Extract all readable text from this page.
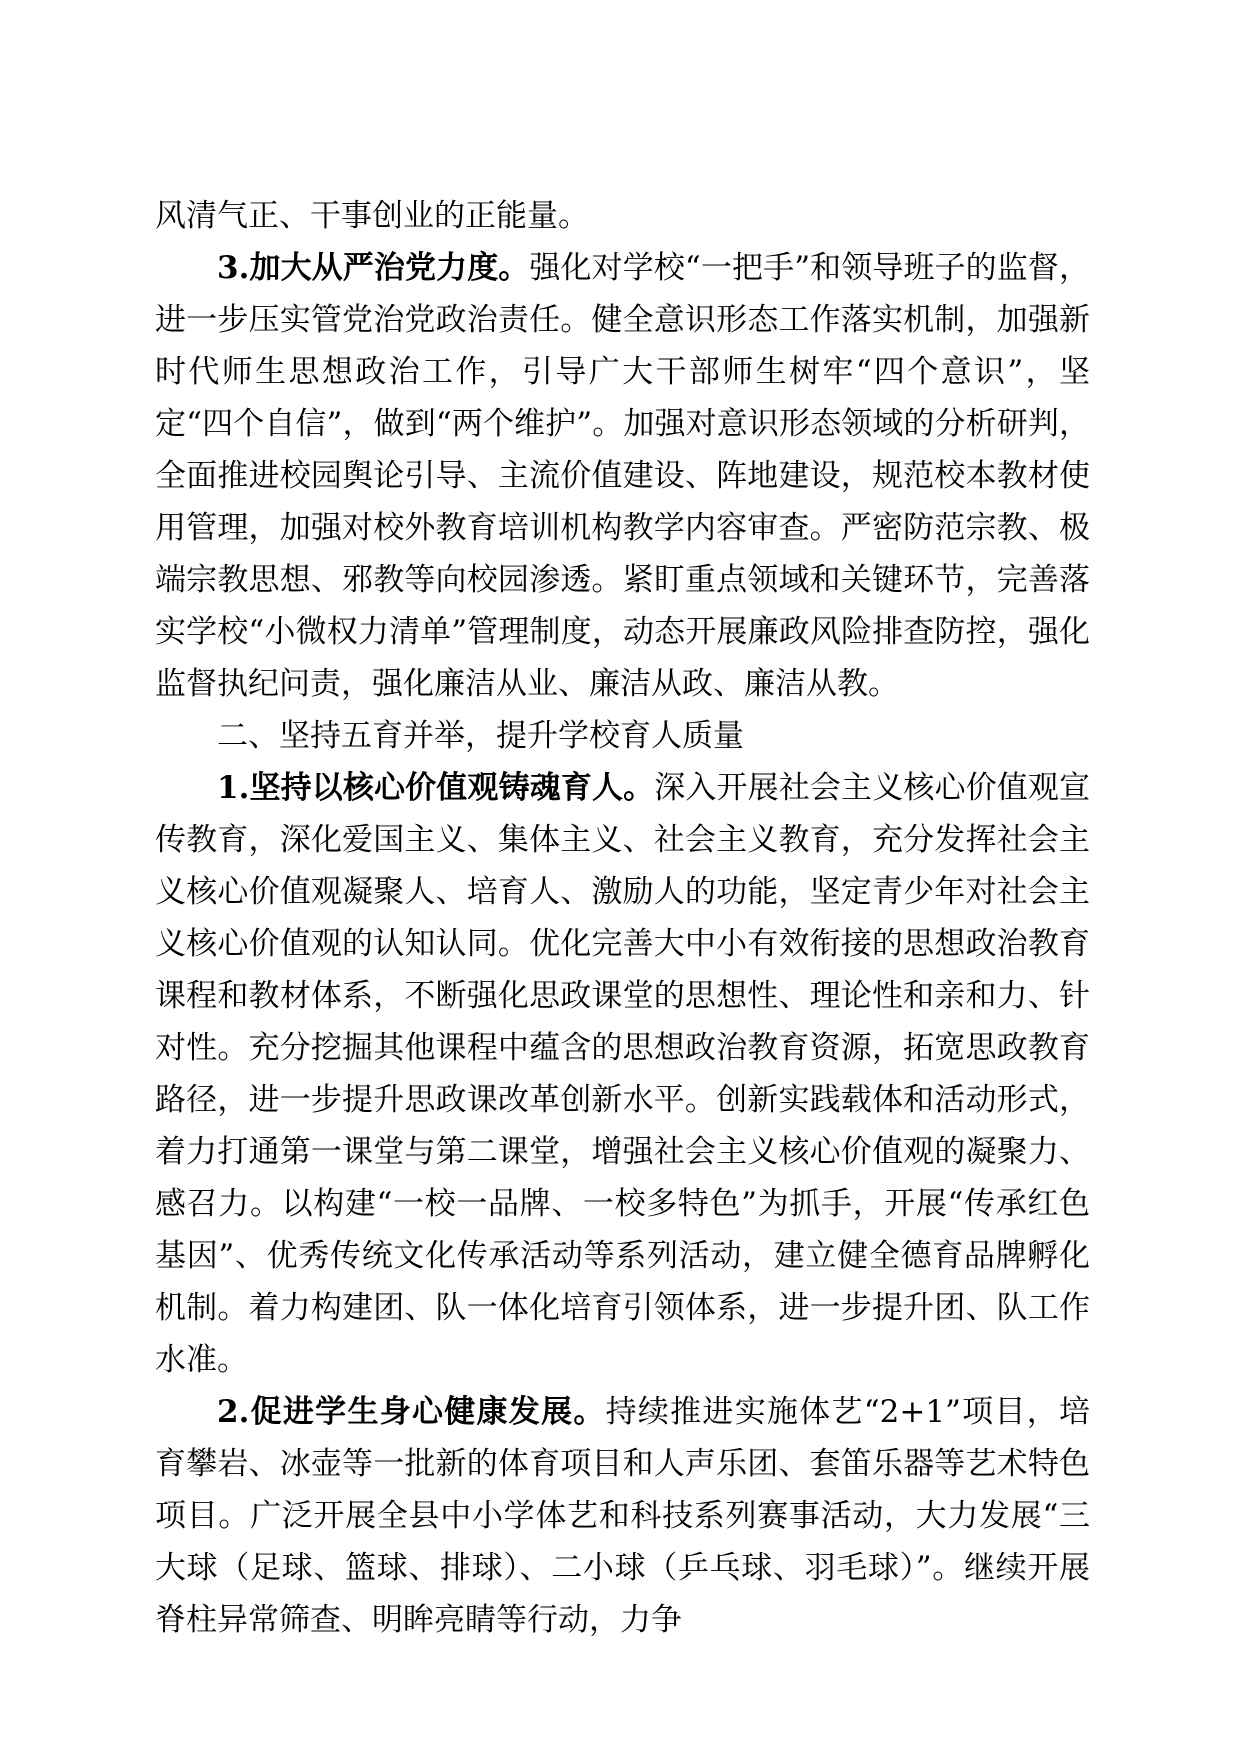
风清气正、干事创业的正能量。

3.加大从严治党力度。强化对学校“一把手”和领导班子的监督，进一步压实管党治党政治责任。健全意识形态工作落实机制，加强新时代师生思想政治工作，引导广大干部师生树牢“四个意识”，坚定“四个自信”，做到“两个维护”。加强对意识形态领域的分析研判，全面推进校园舆论引导、主流价值建设、阵地建设，规范校本教材使用管理，加强对校外教育培训机构教学内容审查。严密防范宗教、极端宗教思想、邪教等向校园渗透。紧盯重点领域和关键环节，完善落实学校“小微权力清单”管理制度，动态开展廉政风险排查防控，强化监督执纪问责，强化廉洁从业、廉洁从政、廉洁从教。

二、坚持五育并举，提升学校育人质量

1.坚持以核心价值观铸魂育人。深入开展社会主义核心价值观宣传教育，深化爱国主义、集体主义、社会主义教育，充分发挥社会主义核心价值观凝聚人、培育人、激励人的功能，坚定青少年对社会主义核心价值观的认知认同。优化完善大中小有效衔接的思想政治教育课程和教材体系，不断强化思政课堂的思想性、理论性和亲和力、针对性。充分挖掘其他课程中蕴含的思想政治教育资源，拓宽思政教育路径，进一步提升思政课改革创新水平。创新实践载体和活动形式，着力打通第一课堂与第二课堂，增强社会主义核心价值观的凝聚力、感召力。以构建“一校一品牌、一校多特色”为抓手，开展“传承红色基因”、优秀传统文化传承活动等系列活动，建立健全德育品牌孵化机制。着力构建团、队一体化培育引领体系，进一步提升团、队工作水准。

2.促进学生身心健康发展。持续推进实施体艺“2+1”项目，培育攀岩、冰壶等一批新的体育项目和人声乐团、套笛乐器等艺术特色项目。广泛开展全县中小学体艺和科技系列赛事活动，大力发展“三大球（足球、篮球、排球）、二小球（乒乓球、羽毛球）”。继续开展脊柱异常筛查、明眸亮睛等行动，力争
